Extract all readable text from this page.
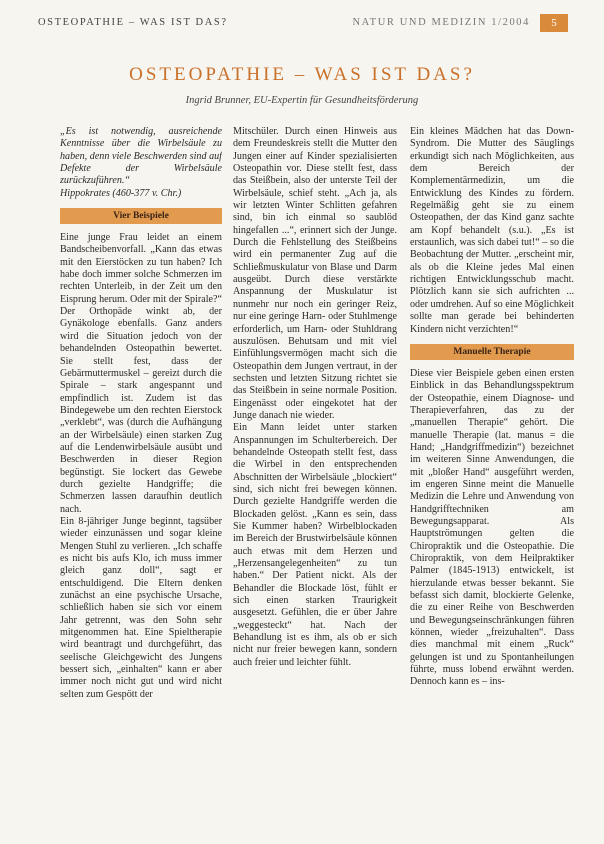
OSTEOPATHIE – WAS IST DAS?	NATUR UND MEDIZIN 1/2004	5
OSTEOPATHIE – WAS IST DAS?
Ingrid Brunner, EU-Expertin für Gesundheitsförderung

„Es ist notwendig, ausreichende Kenntnisse über die Wirbelsäule zu haben, denn viele Beschwerden sind auf Defekte der Wirbelsäule zurückzuführen.“

Hippokrates (460-377 v. Chr.)

Vier Beispiele

Eine junge Frau leidet an einem Bandscheibenvorfall. „Kann das etwas mit den Eierstöcken zu tun haben? Ich habe doch immer solche Schmerzen im rechten Unterleib, in der Zeit um den Eisprung herum. Oder mit der Spirale?“ Der Orthopäde winkt ab, der Gynäkologe ebenfalls. Ganz anders wird die Situation jedoch von der behandelnden Osteopathin bewertet. Sie stellt fest, dass der Gebärmuttermuskel – gereizt durch die Spirale – stark angespannt und empfindlich ist. Zudem ist das Bindegewebe um den rechten Eierstock „verklebt“, was (durch die Aufhängung an der Wirbelsäule) einen starken Zug auf die Lendenwirbelsäule ausübt und Beschwerden in dieser Region begünstigt. Sie lockert das Gewebe durch gezielte Handgriffe; die Schmerzen lassen daraufhin deutlich nach.

Ein 8-jähriger Junge beginnt, tagsüber wieder einzunässen und sogar kleine Mengen Stuhl zu verlieren. „Ich schaffe es nicht bis aufs Klo, ich muss immer gleich ganz doll“, sagt er entschuldigend. Die Eltern denken zunächst an eine psychische Ursache, schließlich haben sie sich vor einem Jahr getrennt, was den Sohn sehr mitgenommen hat. Eine Spieltherapie wird beantragt und durchgeführt, das seelische Gleichgewicht des Jungens bessert sich, „einhalten“ kann er aber immer noch nicht gut und wird nicht selten zum Gespött der

Mitschüler. Durch einen Hinweis aus dem Freundeskreis stellt die Mutter den Jungen einer auf Kinder spezialisierten Osteopathin vor. Diese stellt fest, dass das Steißbein, also der unterste Teil der Wirbelsäule, schief steht. „Ach ja, als wir letzten Winter Schlitten gefahren sind, bin ich einmal so saublöd hingefallen ...“, erinnert sich der Junge. Durch die Fehlstellung des Steißbeins wird ein permanenter Zug auf die Schließmuskulatur von Blase und Darm ausgeübt. Durch diese verstärkte Anspannung der Muskulatur ist nunmehr nur noch ein geringer Reiz, nur eine geringe Harn- oder Stuhlmenge erforderlich, um Harn- oder Stuhldrang auszulösen. Behutsam und mit viel Einfühlungsvermögen macht sich die Osteopathin dem Jungen vertraut, in der sechsten und letzten Sitzung richtet sie das Steißbein in seine normale Position. Eingenässt oder eingekotet hat der Junge danach nie wieder.

Ein Mann leidet unter starken Anspannungen im Schulterbereich. Der behandelnde Osteopath stellt fest, dass die Wirbel in den entsprechenden Abschnitten der Wirbelsäule „blockiert“ sind, sich nicht frei bewegen können. Durch gezielte Handgriffe werden die Blockaden gelöst. „Kann es sein, dass Sie Kummer haben? Wirbelblockaden im Bereich der Brustwirbelsäule können auch etwas mit dem Herzen und „Herzensangelegenheiten“ zu tun haben.“ Der Patient nickt. Als der Behandler die Blockade löst, fühlt er sich einen starken Traurigkeit ausgesetzt. Gefühlen, die er über Jahre „weggesteckt“ hat. Nach der Behandlung ist es ihm, als ob er sich nicht nur freier bewegen kann, sondern auch freier und leichter fühlt.

Ein kleines Mädchen hat das Down-Syndrom. Die Mutter des Säuglings erkundigt sich nach Möglichkeiten, aus dem Bereich der Komplementärmedizin, um die Entwicklung des Kindes zu fördern. Regelmäßig geht sie zu einem Osteopathen, der das Kind ganz sachte am Kopf behandelt (s.u.). „Es ist erstaunlich, was sich dabei tut!“ – so die Beobachtung der Mutter. „erscheint mir, als ob die Kleine jedes Mal einen richtigen Entwicklungsschub macht. Plötzlich kann sie sich aufrichten ... oder umdrehen. Auf so eine Möglichkeit sollte man gerade bei behinderten Kindern nicht verzichten!“

Manuelle Therapie

Diese vier Beispiele geben einen ersten Einblick in das Behandlungsspektrum der Osteopathie, einem Diagnose- und Therapieverfahren, das zu der „manuellen Therapie“ gehört. Die manuelle Therapie (lat. manus = die Hand; „Handgriffmedizin“) bezeichnet im weiteren Sinne Anwendungen, die mit „bloßer Hand“ ausgeführt werden, im engeren Sinne meint die Manuelle Medizin die Lehre und Anwendung von Handgrifftechniken am Bewegungsapparat. Als Hauptströmungen gelten die Chiropraktik und die Osteopathie. Die Chiropraktik, von dem Heilpraktiker Palmer (1845-1913) entwickelt, ist hierzulande etwas besser bekannt. Sie befasst sich damit, blockierte Gelenke, die zu einer Reihe von Beschwerden und Bewegungseinschränkungen führen können, wieder „freizuhalten“. Dass dies manchmal mit einem „Ruck“ gelungen ist und zu Spontanheilungen führte, muss lobend erwähnt werden. Dennoch kann es – ins-
